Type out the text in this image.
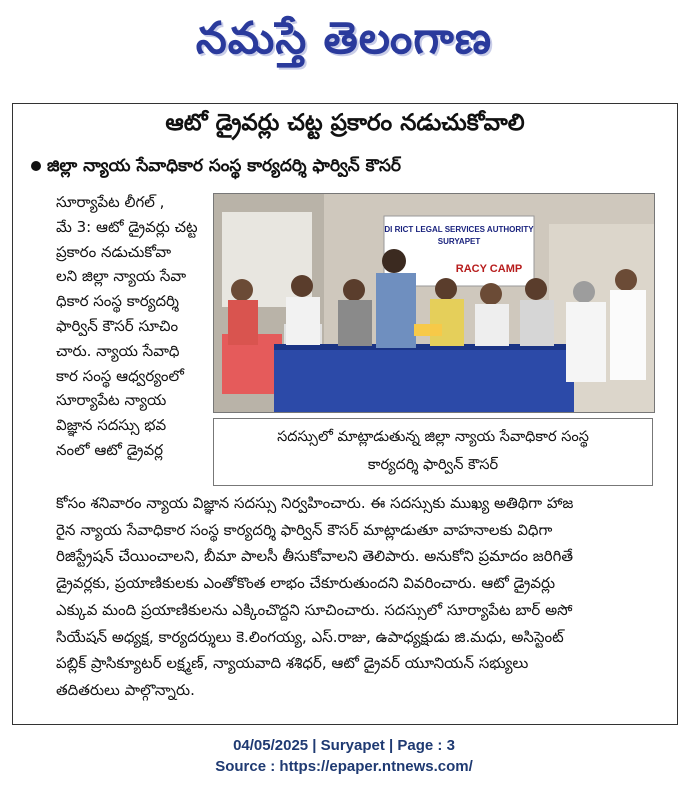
నమస్తే తెలంగాణ
ఆటో డ్రైవర్లు చట్ట ప్రకారం నడుచుకోవాలి
జిల్లా న్యాయ సేవాధికార సంస్థ కార్యదర్శి ఫార్విన్ కౌసర్
సూర్యాపేట లీగల్ ,
మే 3: ఆటో డ్రైవర్లు చట్ట
ప్రకారం నడుచుకోవా
లని జిల్లా న్యాయ సేవా
ధికార సంస్థ కార్యదర్శి
ఫార్విన్ కౌసర్ సూచిం
చారు. న్యాయ సేవాధి
కార సంస్థ ఆధ్వర్యంలో
సూర్యాపేట న్యాయ
విజ్ఞాన సదస్సు భవ
నంలో ఆటో డ్రైవర్ల
DI RICT LEGAL SERVICES AUTHORITY
SURYAPET
RACY CAMP
సదస్సులో మాట్లాడుతున్న జిల్లా న్యాయ సేవాధికార సంస్థ
కార్యదర్శి ఫార్విన్ కౌసర్
కోసం శనివారం న్యాయ విజ్ఞాన సదస్సు నిర్వహించారు. ఈ సదస్సుకు ముఖ్య అతిథిగా హాజ
రైన న్యాయ సేవాధికార సంస్థ కార్యదర్శి ఫార్విన్ కౌసర్ మాట్లాడుతూ వాహనాలకు విధిగా
రిజిస్ట్రేషన్ చేయించాలని, బీమా పాలసీ తీసుకోవాలని తెలిపారు. అనుకోని ప్రమాదం జరిగితే
డ్రైవర్లకు, ప్రయాణికులకు ఎంతోకొంత లాభం చేకూరుతుందని వివరించారు. ఆటో డ్రైవర్లు
ఎక్కువ మంది ప్రయాణికులను ఎక్కించొద్దని సూచించారు. సదస్సులో సూర్యాపేట బార్ అసో
సియేషన్ అధ్యక్ష, కార్యదర్శులు కె.లింగయ్య, ఎస్.రాజు, ఉపాధ్యక్షుడు జి.మధు, అసిస్టెంట్
పబ్లిక్ ప్రాసిక్యూటర్ లక్ష్మణ్, న్యాయవాది శశిధర్, ఆటో డ్రైవర్ యూనియన్ సభ్యులు
తదితరులు పాల్గొన్నారు.
04/05/2025 | Suryapet | Page : 3
Source : https://epaper.ntnews.com/
